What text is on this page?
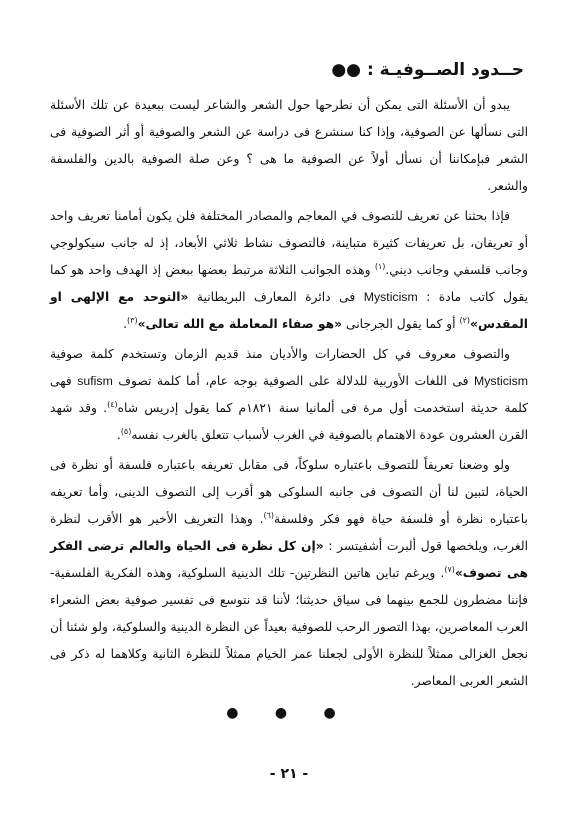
حــدود الصــوفيـة : ●●

يبدو أن الأسئلة التى يمكن أن نطرحها حول الشعر والشاعر ليست ببعيدة عن تلك الأسئلة التى نسألها عن الصوفية، وإذا كنا سنشرع فى دراسة عن الشعر والصوفية أو أثر الصوفية فى الشعر فبإمكاننا أن نسأل أولاً عن الصوفية ما هى ؟ وعن صلة الصوفية بالدين والفلسفة والشعر.

فإذا بحثنا عن تعريف للتصوف في المعاجم والمصادر المختلفة فلن يكون أمامنا تعريف واحد أو تعريفان، بل تعريفات كثيرة متباينة، فالتصوف نشاط ثلاثي الأبعاد، إذ له جانب سيكولوجي وجانب فلسفي وجانب ديني.$^{(١)}$ وهذه الجوانب الثلاثة مرتبط بعضها ببعض إذ الهدف واحد هو كما يقول كاتب مادة : Mysticism فى دائرة المعارف البريطانية «التوحد مع الإلهى او المقدس»$^{(٢)}$ أو كما يقول الجرجانى «هو صفاء المعاملة مع الله تعالى»$^{(٣)}$.

والتصوف معروف في كل الحضارات والأديان منذ قديم الزمان وتستخدم كلمة صوفية Mysticism فى اللغات الأوربية للدلالة على الصوفية بوجه عام، أما كلمة تصوف sufism فهى كلمة حديثة استخدمت أول مرة فى ألمانيا سنة ١٨٢١م كما يقول إدريس شاه$^{(٤)}$. وقد شهد القرن العشرون عودة الاهتمام بالصوفية في الغرب لأسباب تتعلق بالغرب نفسه$^{(٥)}$.

ولو وضعنا تعريفاً للتصوف باعتباره سلوكاً، فى مقابل تعريفه باعتباره فلسفة أو نظرة فى الحياة، لتبين لنا أن التصوف فى جانبه السلوكى هو أقرب إلى التصوف الدينى، وأما تعريفه باعتباره نظرة أو فلسفة حياة فهو فكر وفلسفة$^{(٦)}$. وهذا التعريف الأخير هو الأقرب لنظرة الغرب، ويلخصها قول ألبرت أشفيتسر : «إن كل نظرة فى الحياة والعالم ترضى الفكر هى تصوف»$^{(٧)}$. ويرغم تباين هاتين النظرتين- تلك الدينية السلوكية، وهذه الفكرية الفلسفية- فإننا مضطرون للجمع بينهما فى سياق حديثنا؛ لأننا قد نتوسع فى تفسير صوفية بعض الشعراء العرب المعاصرين، بهذا التصور الرحب للصوفية بعيداً عن النظرة الدينية والسلوكية، ولو شئنا أن نجعل الغزالى ممثلاً للنظرة الأولى لجعلنا عمر الخيام ممثلاً للنظرة الثانية وكلاهما له ذكر فى الشعر العربى المعاصر.

● ● ●
- ٢١ -
